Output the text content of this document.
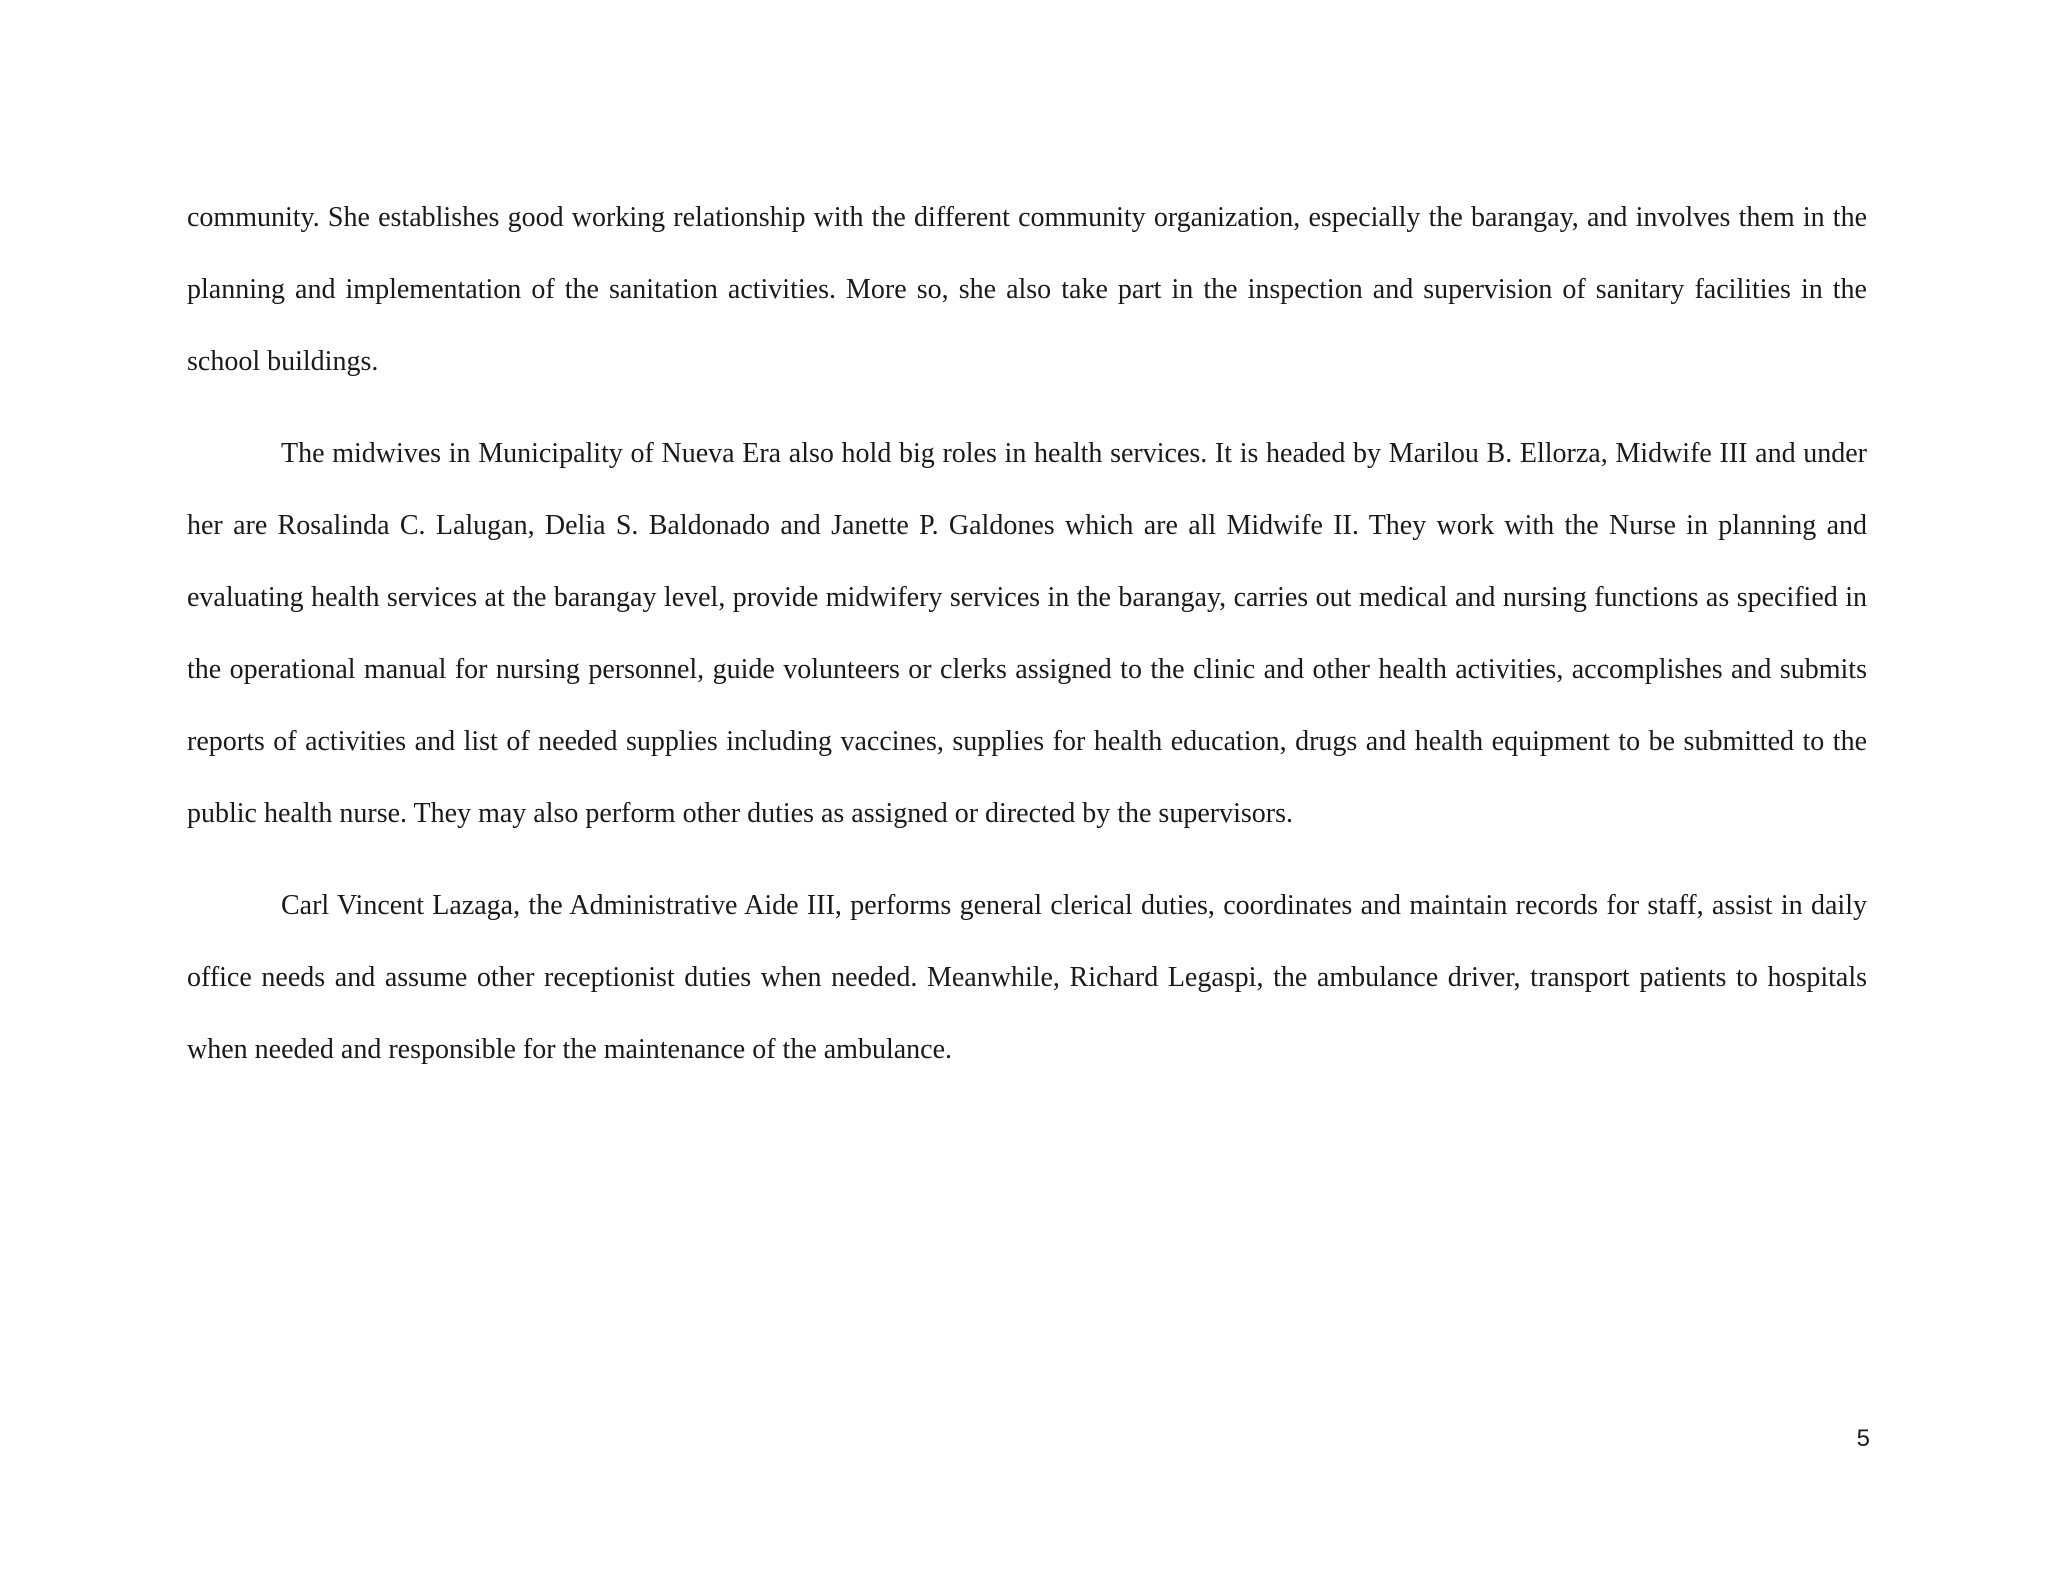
community. She establishes good working relationship with the different community organization, especially the barangay, and involves them in the planning and implementation of the sanitation activities. More so, she also take part in the inspection and supervision of sanitary facilities in the school buildings.

The midwives in Municipality of Nueva Era also hold big roles in health services. It is headed by Marilou B. Ellorza, Midwife III and under her are Rosalinda C. Lalugan, Delia S. Baldonado and Janette P. Galdones which are all Midwife II. They work with the Nurse in planning and evaluating health services at the barangay level, provide midwifery services in the barangay, carries out medical and nursing functions as specified in the operational manual for nursing personnel, guide volunteers or clerks assigned to the clinic and other health activities, accomplishes and submits reports of activities and list of needed supplies including vaccines, supplies for health education, drugs and health equipment to be submitted to the public health nurse. They may also perform other duties as assigned or directed by the supervisors.

Carl Vincent Lazaga, the Administrative Aide III, performs general clerical duties, coordinates and maintain records for staff, assist in daily office needs and assume other receptionist duties when needed. Meanwhile, Richard Legaspi, the ambulance driver, transport patients to hospitals when needed and responsible for the maintenance of the ambulance.

5
